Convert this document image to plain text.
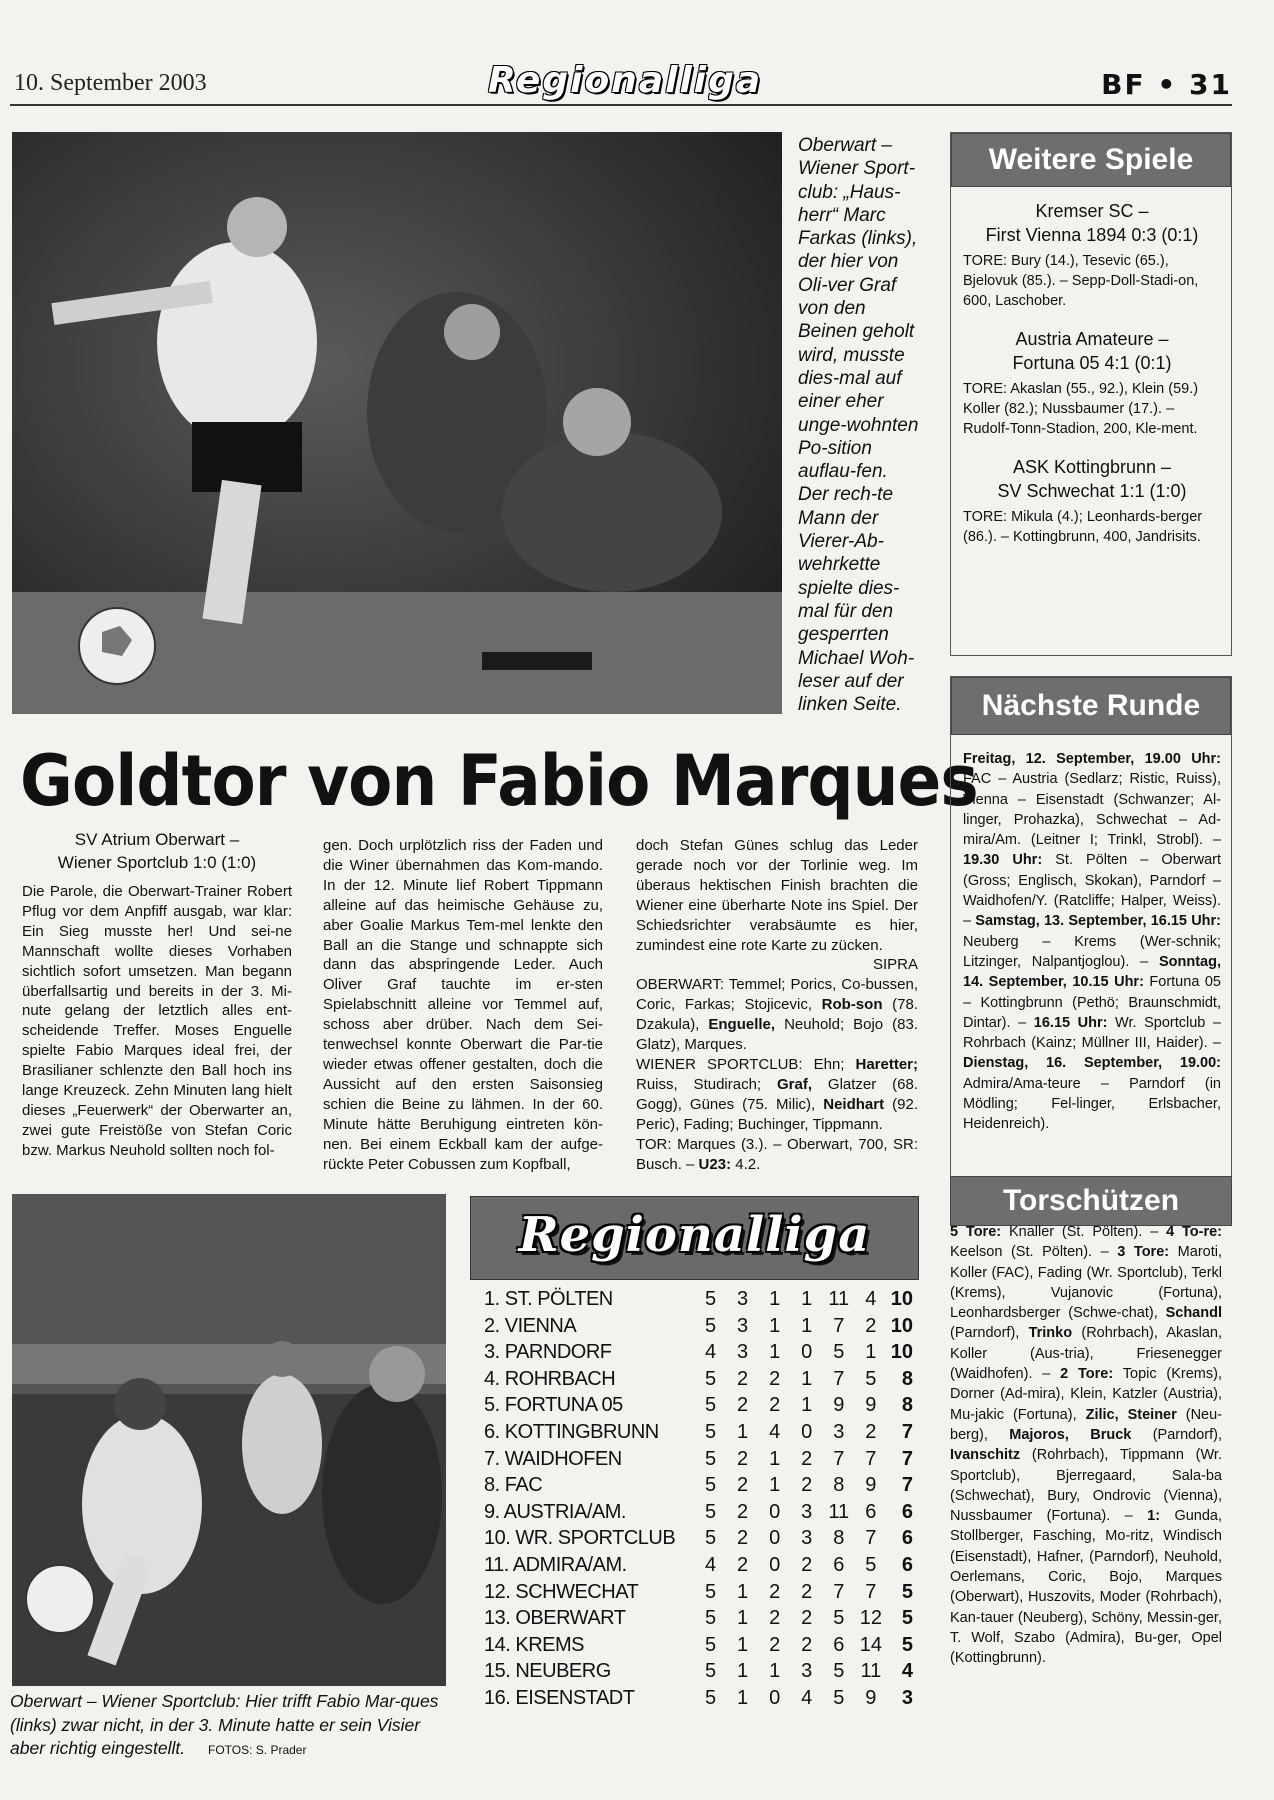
10. September 2003	Regionalliga	BF • 31
Oberwart – Wiener Sport-club: „Haus-herr“ Marc Farkas (links), der hier von Oli-ver Graf von den Beinen geholt wird, musste dies-mal auf einer eher unge-wohnten Po-sition auflau-fen. Der rech-te Mann der Vierer-Ab-wehrkette spielte dies-mal für den gesperrten Michael Woh-leser auf der linken Seite.
Goldtor von Fabio Marques
SV Atrium Oberwart –
Wiener Sportclub 1:0 (1:0)
Die Parole, die Oberwart-Trainer Robert Pflug vor dem Anpfiff ausgab, war klar: Ein Sieg musste her! Und sei-ne Mannschaft wollte dieses Vorhaben sichtlich sofort umsetzen. Man begann überfallsartig und bereits in der 3. Mi-nute gelang der letztlich alles ent-scheidende Treffer. Moses Enguelle spielte Fabio Marques ideal frei, der Brasilianer schlenzte den Ball hoch ins lange Kreuzeck. Zehn Minuten lang hielt dieses „Feuerwerk“ der Oberwarter an, zwei gute Freistöße von Stefan Coric bzw. Markus Neuhold sollten noch fol-
gen. Doch urplötzlich riss der Faden und die Winer übernahmen das Kom-mando. In der 12. Minute lief Robert Tippmann alleine auf das heimische Gehäuse zu, aber Goalie Markus Tem-mel lenkte den Ball an die Stange und schnappte sich dann das abspringende Leder. Auch Oliver Graf tauchte im er-sten Spielabschnitt alleine vor Temmel auf, schoss aber drüber. Nach dem Sei-tenwechsel konnte Oberwart die Par-tie wieder etwas offener gestalten, doch die Aussicht auf den ersten Saisonsieg schien die Beine zu lähmen. In der 60. Minute hätte Beruhigung eintreten kön-nen. Bei einem Eckball kam der aufge-rückte Peter Cobussen zum Kopfball,

doch Stefan Günes schlug das Leder gerade noch vor der Torlinie weg. Im überaus hektischen Finish brachten die Wiener eine überharte Note ins Spiel. Der Schiedsrichter verabsäumte es hier, zumindest eine rote Karte zu zücken.

SIPRA

OBERWART: Temmel; Porics, Co-bussen, Coric, Farkas; Stojicevic, Rob-son (78. Dzakula), Enguelle, Neuhold; Bojo (83. Glatz), Marques.

WIENER SPORTCLUB: Ehn; Haretter; Ruiss, Studirach; Graf, Glatzer (68. Gogg), Günes (75. Milic), Neidhart (92. Peric), Fading; Buchinger, Tippmann.

TOR: Marques (3.). – Oberwart, 700, SR: Busch. – U23: 4.2.

Weitere Spiele
Kremser SC –
First Vienna 1894 0:3 (0:1)
TORE: Bury (14.), Tesevic (65.), Bjelovuk (85.). – Sepp-Doll-Stadi-on, 600, Laschober.
Austria Amateure –
Fortuna 05 4:1 (0:1)
TORE: Akaslan (55., 92.), Klein (59.) Koller (82.); Nussbaumer (17.). – Rudolf-Tonn-Stadion, 200, Kle-ment.
ASK Kottingbrunn –
SV Schwechat 1:1 (1:0)
TORE: Mikula (4.); Leonhards-berger (86.). – Kottingbrunn, 400, Jandrisits.
Nächste Runde
Freitag, 12. September, 19.00 Uhr: FAC – Austria (Sedlarz; Ristic, Ruiss), Vienna – Eisenstadt (Schwanzer; Al-linger, Prohazka), Schwechat – Ad-mira/Am. (Leitner I; Trinkl, Strobl). – 19.30 Uhr: St. Pölten – Oberwart (Gross; Englisch, Skokan), Parndorf – Waidhofen/Y. (Ratcliffe; Halper, Weiss). – Samstag, 13. September, 16.15 Uhr: Neuberg – Krems (Wer-schnik; Litzinger, Nalpantjoglou). – Sonntag, 14. September, 10.15 Uhr: Fortuna 05 – Kottingbrunn (Pethö; Braunschmidt, Dintar). – 16.15 Uhr: Wr. Sportclub – Rohrbach (Kainz; Müllner III, Haider). – Dienstag, 16. September, 19.00: Admira/Ama-teure – Parndorf (in Mödling; Fel-linger, Erlsbacher, Heidenreich).
Oberwart – Wiener Sportclub: Hier trifft Fabio Mar-ques (links) zwar nicht, in der 3. Minute hatte er sein Visier aber richtig eingestellt. FOTOS: S. Prader
Regionalliga
1. ST. PÖLTEN	5	3	1	1	11	4	10
2. VIENNA	5	3	1	1	7	2	10
3. PARNDORF	4	3	1	0	5	1	10
4. ROHRBACH	5	2	2	1	7	5	8
5. FORTUNA 05	5	2	2	1	9	9	8
6. KOTTINGBRUNN	5	1	4	0	3	2	7
7. WAIDHOFEN	5	2	1	2	7	7	7
8. FAC	5	2	1	2	8	9	7
9. AUSTRIA/AM.	5	2	0	3	11	6	6
10. WR. SPORTCLUB	5	2	0	3	8	7	6
11. ADMIRA/AM.	4	2	0	2	6	5	6
12. SCHWECHAT	5	1	2	2	7	7	5
13. OBERWART	5	1	2	2	5	12	5
14. KREMS	5	1	2	2	6	14	5
15. NEUBERG	5	1	1	3	5	11	4
16. EISENSTADT	5	1	0	4	5	9	3
Torschützen
5 Tore: Knaller (St. Pölten). – 4 To-re: Keelson (St. Pölten). – 3 Tore: Maroti, Koller (FAC), Fading (Wr. Sportclub), Terkl (Krems), Vujanovic (Fortuna), Leonhardsberger (Schwe-chat), Schandl (Parndorf), Trinko (Rohrbach), Akaslan, Koller (Aus-tria), Friesenegger (Waidhofen). – 2 Tore: Topic (Krems), Dorner (Ad-mira), Klein, Katzler (Austria), Mu-jakic (Fortuna), Zilic, Steiner (Neu-berg), Majoros, Bruck (Parndorf), Ivanschitz (Rohrbach), Tippmann (Wr. Sportclub), Bjerregaard, Sala-ba (Schwechat), Bury, Ondrovic (Vienna), Nussbaumer (Fortuna). – 1: Gunda, Stollberger, Fasching, Mo-ritz, Windisch (Eisenstadt), Hafner, (Parndorf), Neuhold, Oerlemans, Coric, Bojo, Marques (Oberwart), Huszovits, Moder (Rohrbach), Kan-tauer (Neuberg), Schöny, Messin-ger, T. Wolf, Szabo (Admira), Bu-ger, Opel (Kottingbrunn).
